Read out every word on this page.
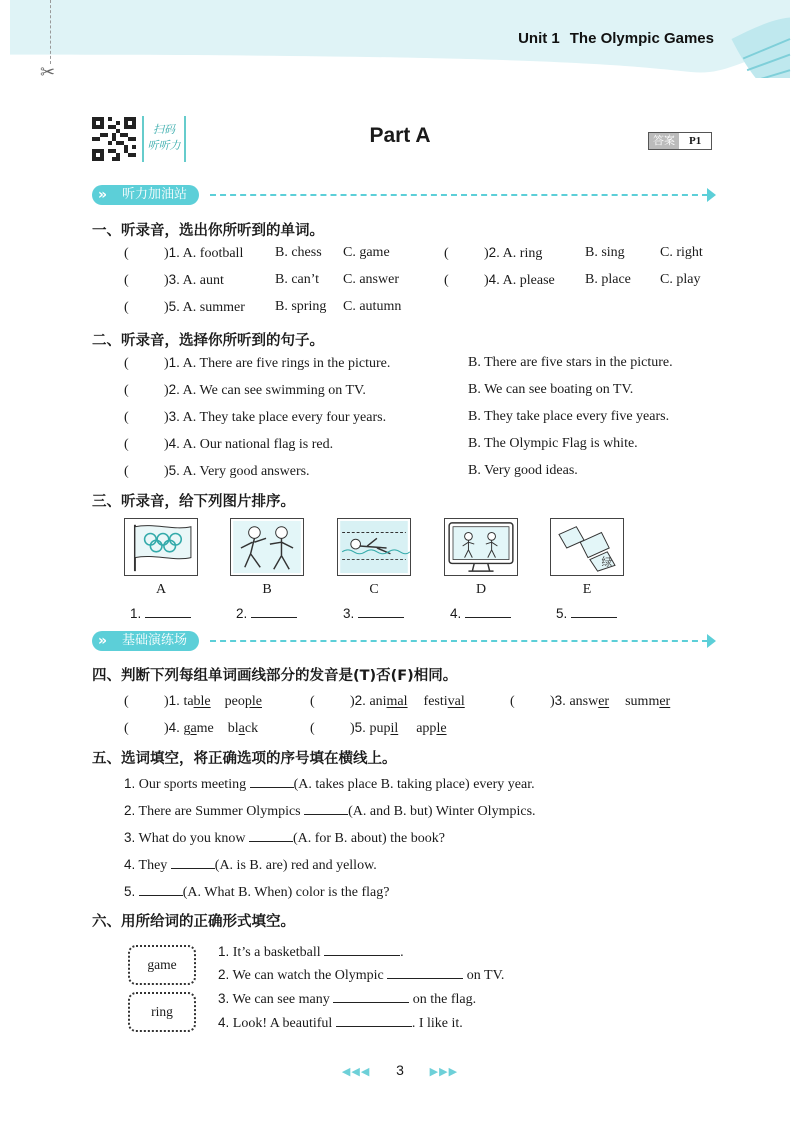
✂
Unit 1 The Olympic Games
扫码
听听力	Part A	答案	P1
听力加油站
»
一、听录音，选出你所听到的单词。
(	)1. A. football B. chess C. game	(	)2. A. ring	B. sing	C. right
(	)3. A. aunt	B. can’t C. answer	(	)4. A. please B. place C. play
(	)5. A. summer B. spring C. autumn
二、听录音，选择你所听到的句子。
(	)1. A. There are five rings in the picture.	B. There are five stars in the picture.
(	)2. A. We can see swimming on TV.	B. We can see boating on TV.
(	)3. A. They take place every four years.	B. They take place every five years.
(	)4. A. Our national flag is red.	B. The Olympic Flag is white.
(	)5. A. Very good answers.	B. Very good ideas.
三、听录音，给下列图片排序。
绿
A	B	C	D	E
1.	2.	3.	4.	5.
基础演练场
»
四、判断下列每组单词画线部分的发音是(T)否(F)相同。
(	)1. table people	(	)2. animal festival	(	)3. answer summer
(	)4. game black	(	)5. pupil apple
五、选词填空，将正确选项的序号填在横线上。
1. Our sports meeting	(A. takes place B. taking place) every year.
2. There are Summer Olympics	(A. and B. but) Winter Olympics.
3. What do you know	(A. for B. about) the book?
4. They	(A. is B. are) red and yellow.
5.	(A. What B. When) color is the flag?
六、用所给词的正确形式填空。
game
ring
1. It’s a basketball	.
2. We can watch the Olympic	on TV.
3. We can see many	on the flag.
4. Look! A beautiful	. I like it.
◀◀◀ 3 ▶▶▶
